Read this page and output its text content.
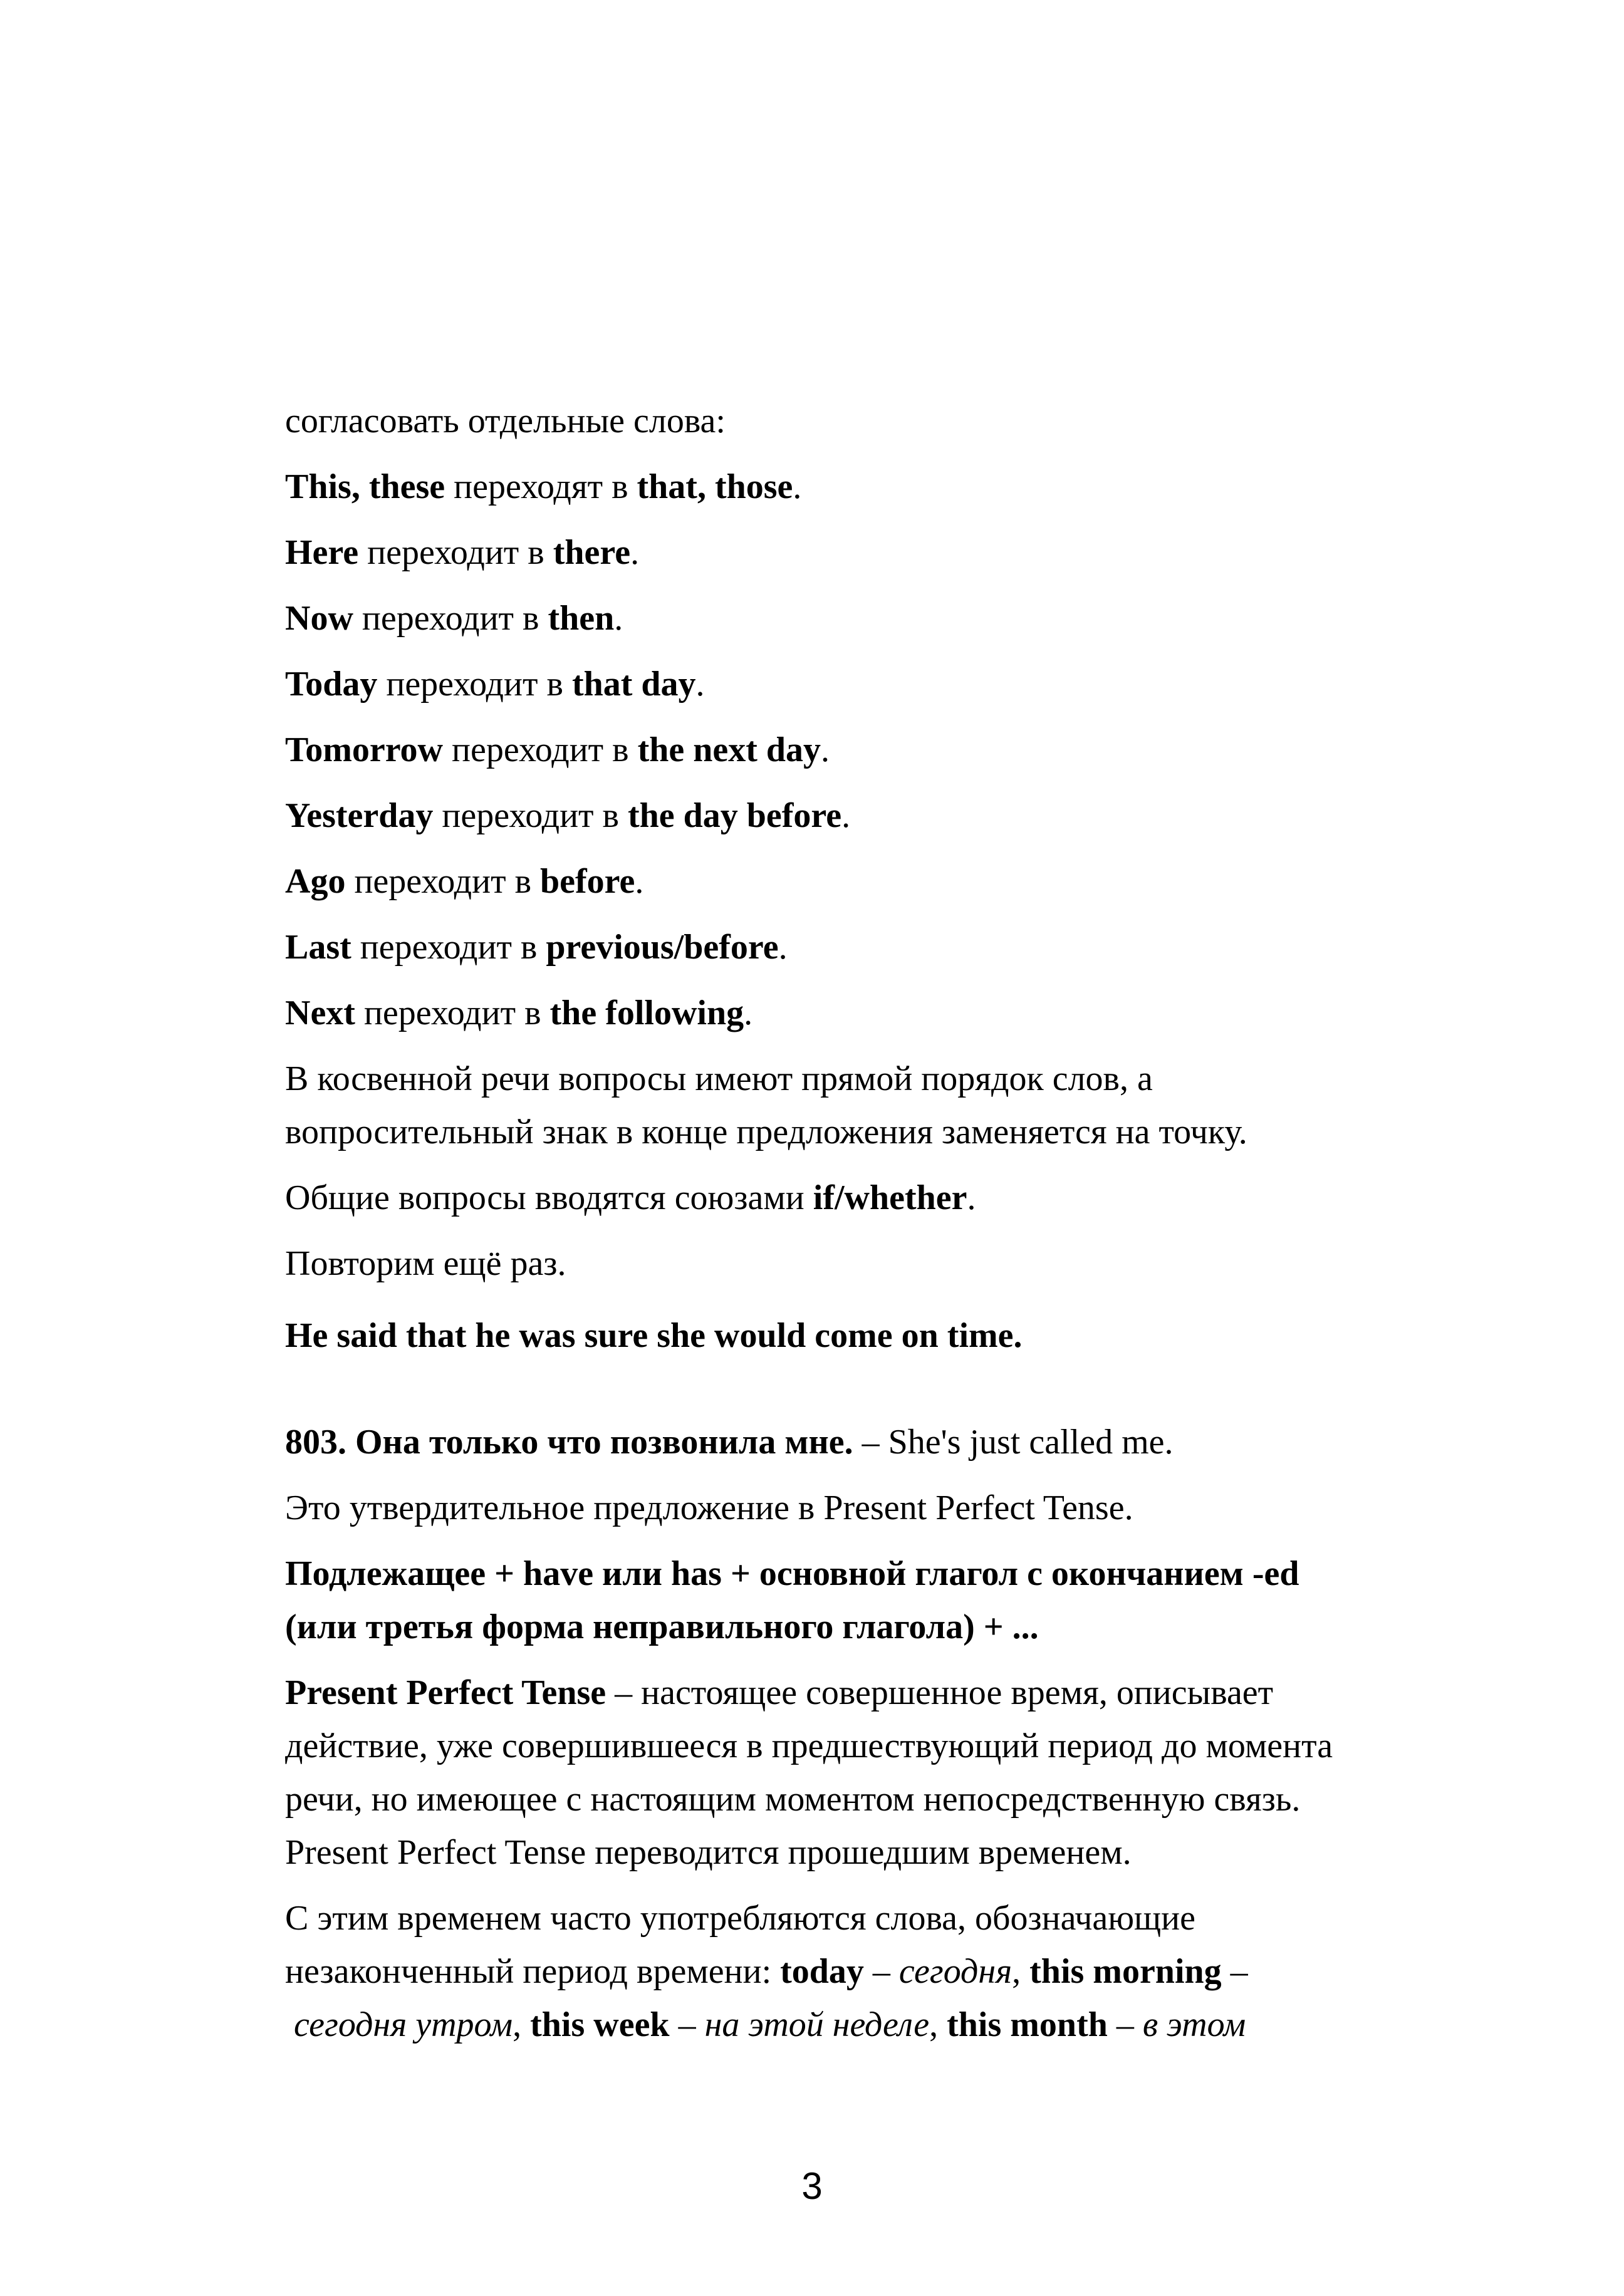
согласовать отдельные слова:

This, these переходят в that, those.

Here переходит в there.

Now переходит в then.

Today переходит в that day.

Tomorrow переходит в the next day.

Yesterday переходит в the day before.

Ago переходит в before.

Last переходит в previous/before.

Next переходит в the following.

В косвенной речи вопросы имеют прямой порядок слов, а
вопросительный знак в конце предложения заменяется на точку.

Общие вопросы вводятся союзами if/whether.

Повторим ещё раз.

He said that he was sure she would come on time.

803. Она только что позвонила мне. – She's just called me.

Это утвердительное предложение в Present Perfect Tense.

Подлежащее + have или has + основной глагол с окончанием -ed
(или третья форма неправильного глагола) + ...

Present Perfect Tense – настоящее совершенное время, описывает
действие, уже совершившееся в предшествующий период до момента
речи, но имеющее с настоящим моментом непосредственную связь.
Present Perfect Tense переводится прошедшим временем.

С этим временем часто употребляются слова, обозначающие
незаконченный период времени: today – сегодня, this morning –
сегодня утром, this week – на этой неделе, this month – в этом

3
